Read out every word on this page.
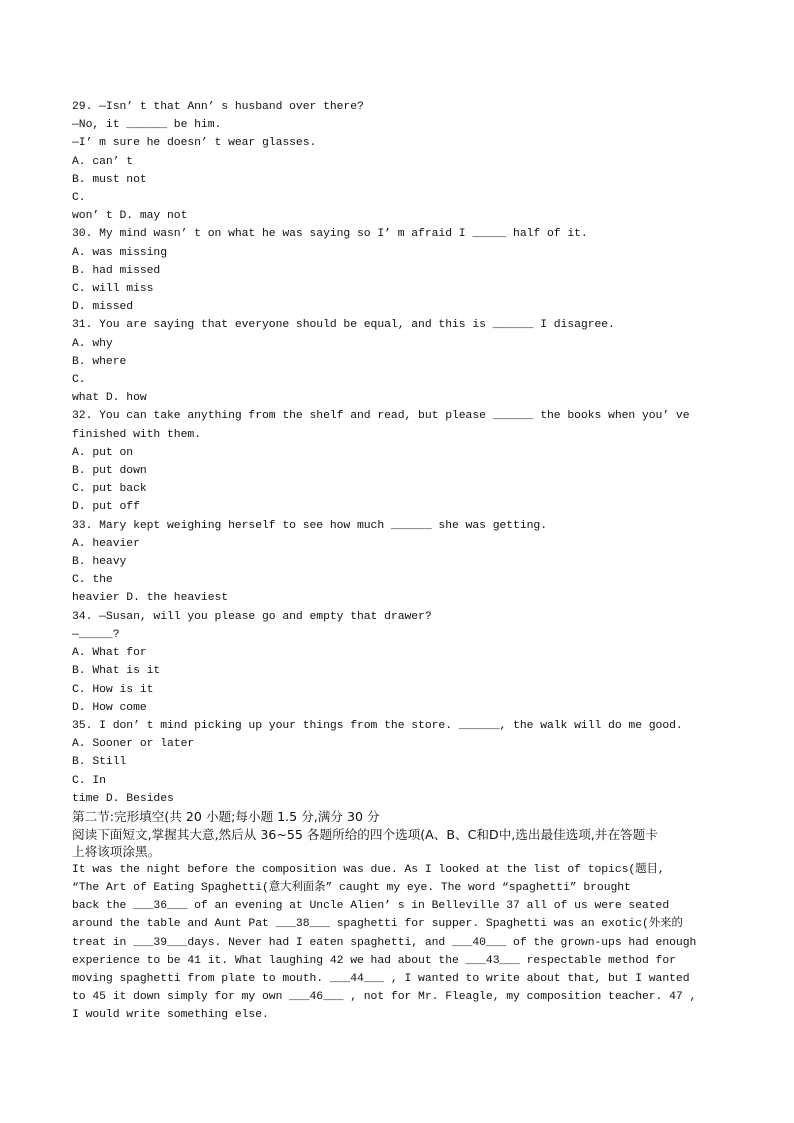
29. —Isn’ t that Ann’ s husband over there?
—No, it ______ be him.
—I’ m sure he doesn’ t wear glasses.
A. can’ t
B. must not
C.
won’ t D. may not
30. My mind wasn’ t on what he was saying so I’ m afraid I _____ half of it.
A. was missing
B. had missed
C. will miss
D. missed
31. You are saying that everyone should be equal, and this is ______ I disagree.
A. why
B. where
C.
what D. how
32. You can take anything from the shelf and read, but please ______ the books when you’ ve
finished with them.
A. put on
B. put down
C. put back
D. put off
33. Mary kept weighing herself to see how much ______ she was getting.
A. heavier
B. heavy
C. the
heavier D. the heaviest
34. —Susan, will you please go and empty that drawer?
—_____?
A. What for
B. What is it
C. How is it
D. How come
35. I don’ t mind picking up your things from the store. ______, the walk will do me good.
A. Sooner or later
B. Still
C. In
time D. Besides
第二节:完形填空(共 20 小题;每小题 1.5 分,满分 30 分
阅读下面短文,掌握其大意,然后从 36~55 各题所给的四个选项(A、B、C和D中,选出最佳选项,并在答题卡
上将该项涂黑。
It was the night before the composition was due. As I looked at the list of topics(题目,
“The Art of Eating Spaghetti(意大利面条” caught my eye. The word “spaghetti” brought
back the ___36___ of an evening at Uncle Alien’ s in Belleville 37 all of us were seated
around the table and Aunt Pat ___38___ spaghetti for supper. Spaghetti was an exotic(外来的
treat in ___39___days. Never had I eaten spaghetti, and ___40___ of the grown-ups had enough
experience to be 41 it. What laughing 42 we had about the ___43___ respectable method for
moving spaghetti from plate to mouth. ___44___ , I wanted to write about that, but I wanted
to 45 it down simply for my own ___46___ , not for Mr. Fleagle, my composition teacher. 47 ,
I would write something else.
